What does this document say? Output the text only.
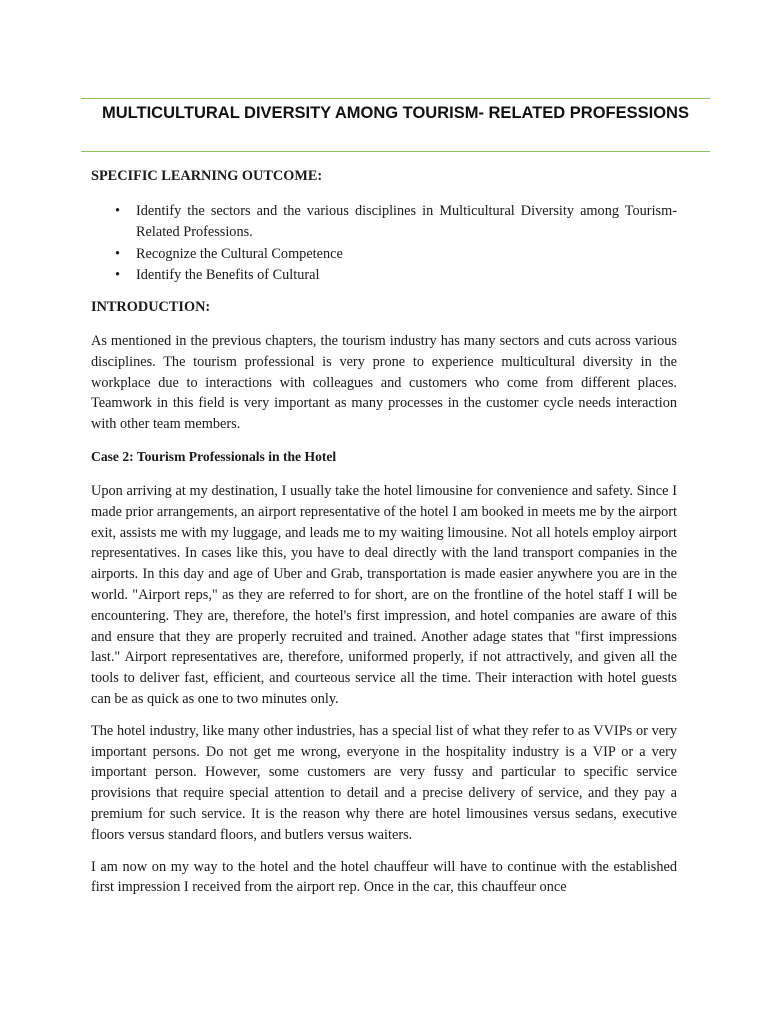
MULTICULTURAL DIVERSITY AMONG TOURISM- RELATED PROFESSIONS
SPECIFIC LEARNING OUTCOME:
• Identify the sectors and the various disciplines in Multicultural Diversity among Tourism-Related Professions.
• Recognize the Cultural Competence
• Identify the Benefits of Cultural
INTRODUCTION:

As mentioned in the previous chapters, the tourism industry has many sectors and cuts across various disciplines. The tourism professional is very prone to experience multicultural diversity in the workplace due to interactions with colleagues and customers who come from different places. Teamwork in this field is very important as many processes in the customer cycle needs interaction with other team members.

Case 2: Tourism Professionals in the Hotel

Upon arriving at my destination, I usually take the hotel limousine for convenience and safety. Since I made prior arrangements, an airport representative of the hotel I am booked in meets me by the airport exit, assists me with my luggage, and leads me to my waiting limousine. Not all hotels employ airport representatives. In cases like this, you have to deal directly with the land transport companies in the airports. In this day and age of Uber and Grab, transportation is made easier anywhere you are in the world. "Airport reps," as they are referred to for short, are on the frontline of the hotel staff I will be encountering. They are, therefore, the hotel's first impression, and hotel companies are aware of this and ensure that they are properly recruited and trained. Another adage states that "first impressions last." Airport representatives are, therefore, uniformed properly, if not attractively, and given all the tools to deliver fast, efficient, and courteous service all the time. Their interaction with hotel guests can be as quick as one to two minutes only.

The hotel industry, like many other industries, has a special list of what they refer to as VVIPs or very important persons. Do not get me wrong, everyone in the hospitality industry is a VIP or a very important person. However, some customers are very fussy and particular to specific service provisions that require special attention to detail and a precise delivery of service, and they pay a premium for such service. It is the reason why there are hotel limousines versus sedans, executive floors versus standard floors, and butlers versus waiters.

I am now on my way to the hotel and the hotel chauffeur will have to continue with the established first impression I received from the airport rep. Once in the car, this chauffeur once
